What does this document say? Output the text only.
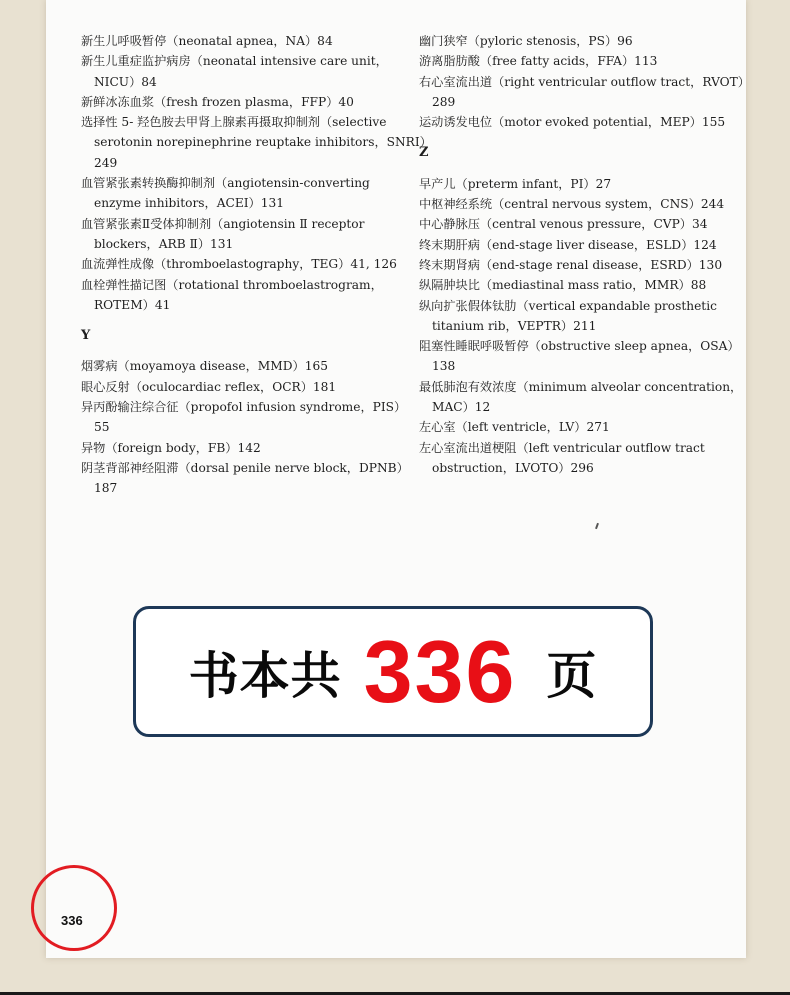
新生儿呼吸暂停（neonatal apnea，NA）84
新生儿重症监护病房（neonatal intensive care unit，
NICU）84
新鲜冰冻血浆（fresh frozen plasma，FFP）40
选择性 5- 羟色胺去甲肾上腺素再摄取抑制剂（selective
serotonin norepinephrine reuptake inhibitors，SNRI）
249
血管紧张素转换酶抑制剂（angiotensin-converting
enzyme inhibitors，ACEI）131
血管紧张素Ⅱ受体抑制剂（angiotensin Ⅱ receptor
blockers，ARB Ⅱ）131
血流弹性成像（thromboelastography，TEG）41, 126
血栓弹性描记图（rotational thromboelastrogram，
ROTEM）41
Y
烟雾病（moyamoya disease，MMD）165
眼心反射（oculocardiac reflex，OCR）181
异丙酚输注综合征（propofol infusion syndrome，PIS）
55
异物（foreign body，FB）142
阴茎背部神经阻滞（dorsal penile nerve block，DPNB）
187
幽门狭窄（pyloric stenosis，PS）96
游离脂肪酸（free fatty acids，FFA）113
右心室流出道（right ventricular outflow tract，RVOT）
289
运动诱发电位（motor evoked potential，MEP）155
Z
早产儿（preterm infant，PI）27
中枢神经系统（central nervous system，CNS）244
中心静脉压（central venous pressure，CVP）34
终末期肝病（end-stage liver disease，ESLD）124
终末期肾病（end-stage renal disease，ESRD）130
纵隔肿块比（mediastinal mass ratio，MMR）88
纵向扩张假体钛肋（vertical expandable prosthetic
titanium rib，VEPTR）211
阻塞性睡眠呼吸暂停（obstructive sleep apnea，OSA）
138
最低肺泡有效浓度（minimum alveolar concentration，
MAC）12
左心室（left ventricle，LV）271
左心室流出道梗阻（left ventricular outflow tract
obstruction，LVOTO）296
书本共 336 页
336
